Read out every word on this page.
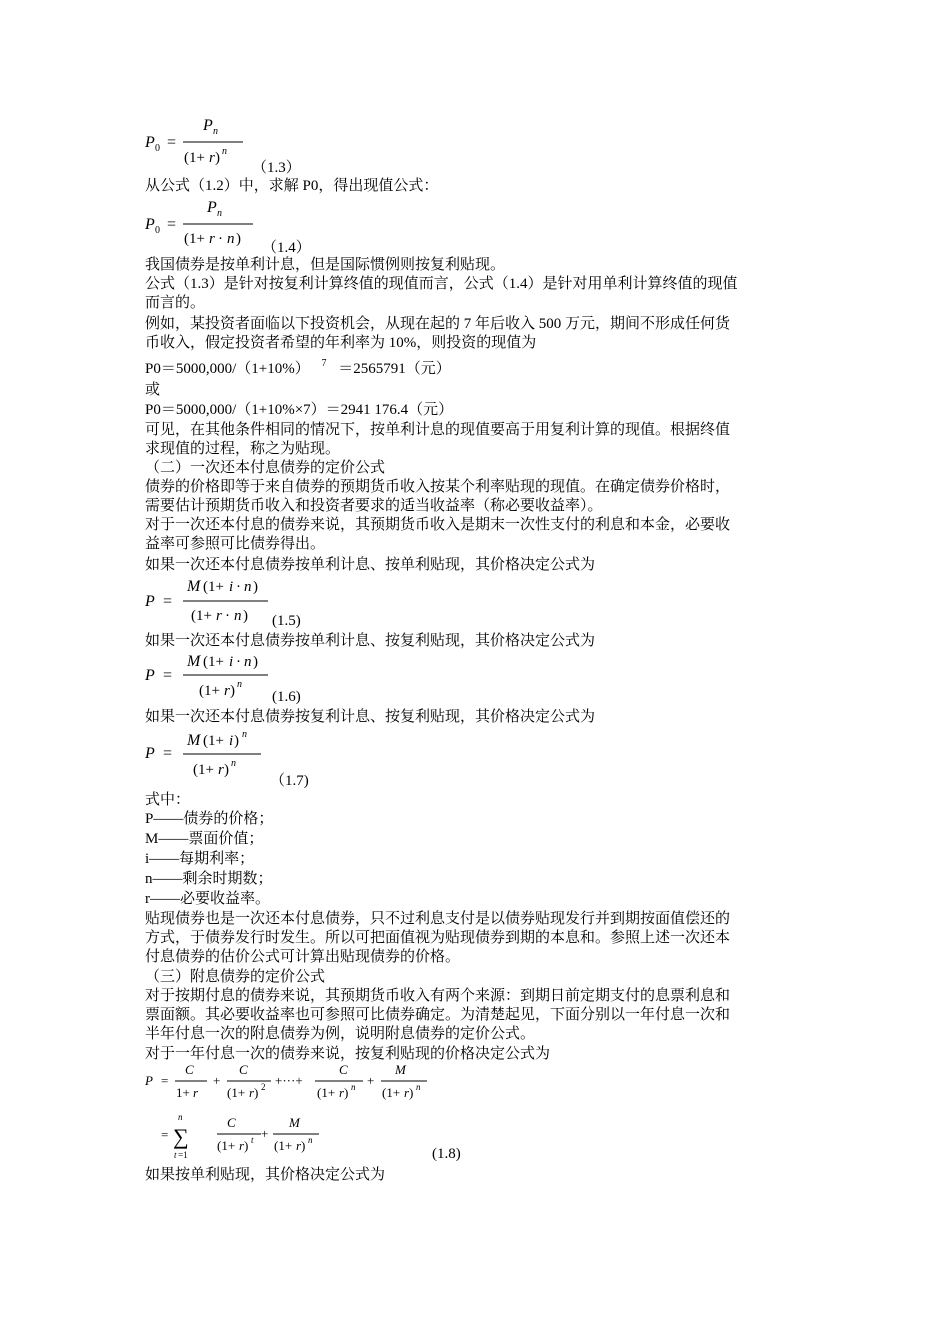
P 0 =
P n
(1+ r ) n
（1.3）
从公式（1.2）中，求解 P0，得出现值公式：
P 0 =
P n
(1+ r · n )
（1.4）
我国债券是按单利计息，但是国际惯例则按复利贴现。
公式（1.3）是针对按复利计算终值的现值而言，公式（1.4）是针对用单利计算终值的现值
而言的。
例如，某投资者面临以下投资机会，从现在起的 7 年后收入 500 万元，期间不形成任何货
币收入，假定投资者希望的年利率为 10%，则投资的现值为
P0＝5000,000/（1+10%） $^7$ ＝2565791（元）
或
P0＝5000,000/（1+10%×7）＝2941 176.4（元）
可见，在其他条件相同的情况下，按单利计息的现值要高于用复利计算的现值。根据终值
求现值的过程，称之为贴现。
（二）一次还本付息债券的定价公式
债券的价格即等于来自债券的预期货币收入按某个利率贴现的现值。在确定债券价格时，
需要估计预期货币收入和投资者要求的适当收益率（称必要收益率）。
对于一次还本付息的债券来说，其预期货币收入是期末一次性支付的利息和本金，必要收
益率可参照可比债券得出。
如果一次还本付息债券按单利计息、按单利贴现，其价格决定公式为
P =
M (1+ i · n )
(1+ r · n ) (1.5)
如果一次还本付息债券按单利计息、按复利贴现，其价格决定公式为
P =
M (1+ i · n )
(1+ r ) n
(1.6)
如果一次还本付息债券按复利计息、按复利贴现，其价格决定公式为
P =
M (1+ i ) n
(1+ r ) n
（1.7)
式中：
P——债券的价格；
M——票面价值；
i——每期利率；
n——剩余时期数；
r——必要收益率。
贴现债券也是一次还本付息债券，只不过利息支付是以债券贴现发行并到期按面值偿还的
方式，于债券发行时发生。所以可把面值视为贴现债券到期的本息和。参照上述一次还本
付息债券的估价公式可计算出贴现债券的价格。
（三）附息债券的定价公式
对于按期付息的债券来说，其预期货币收入有两个来源：到期日前定期支付的息票利息和
票面额。其必要收益率也可参照可比债券确定。为清楚起见，下面分别以一年付息一次和
半年付息一次的附息债券为例，说明附息债券的定价公式。
对于一年付息一次的债券来说，按复利贴现的价格决定公式为
P =
C
1+ r
+
C
(1+ r ) 2 +···+
C
(1+ r ) n +
M
(1+ r ) n
= ∑
n
t =1
C
(1+ r ) t +
M
(1+ r ) n
(1.8)
如果按单利贴现，其价格决定公式为
